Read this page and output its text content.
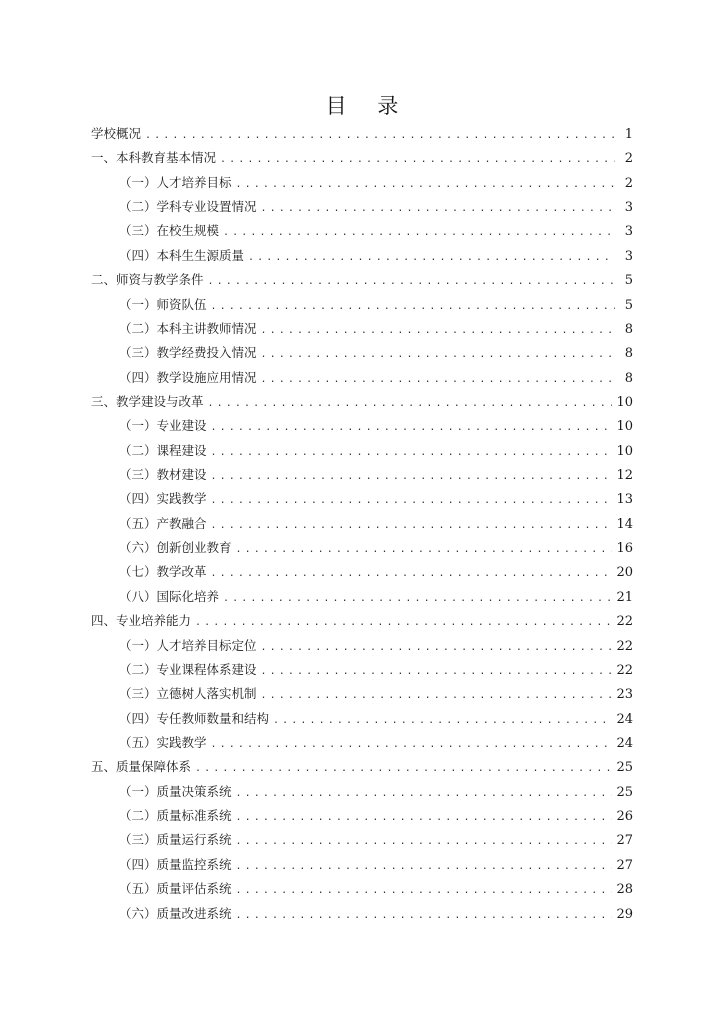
目 录
学校概况 .....	1
一、本科教育基本情况 .....	2
（一）人才培养目标 .....	2
（二）学科专业设置情况 .....	3
（三）在校生规模 .....	3
（四）本科生生源质量 .....	3
二、师资与教学条件 .....	5
（一）师资队伍 .....	5
（二）本科主讲教师情况 .....	8
（三）教学经费投入情况 .....	8
（四）教学设施应用情况 .....	8
三、教学建设与改革 .....	10
（一）专业建设 .....	10
（二）课程建设 .....	10
（三）教材建设 .....	12
（四）实践教学 .....	13
（五）产教融合 .....	14
（六）创新创业教育 .....	16
（七）教学改革 .....	20
（八）国际化培养 .....	21
四、专业培养能力 .....	22
（一）人才培养目标定位 .....	22
（二）专业课程体系建设 .....	22
（三）立德树人落实机制 .....	23
（四）专任教师数量和结构 .....	24
（五）实践教学 .....	24
五、质量保障体系 .....	25
（一）质量决策系统 .....	25
（二）质量标准系统 .....	26
（三）质量运行系统 .....	27
（四）质量监控系统 .....	27
（五）质量评估系统 .....	28
（六）质量改进系统 .....	29
